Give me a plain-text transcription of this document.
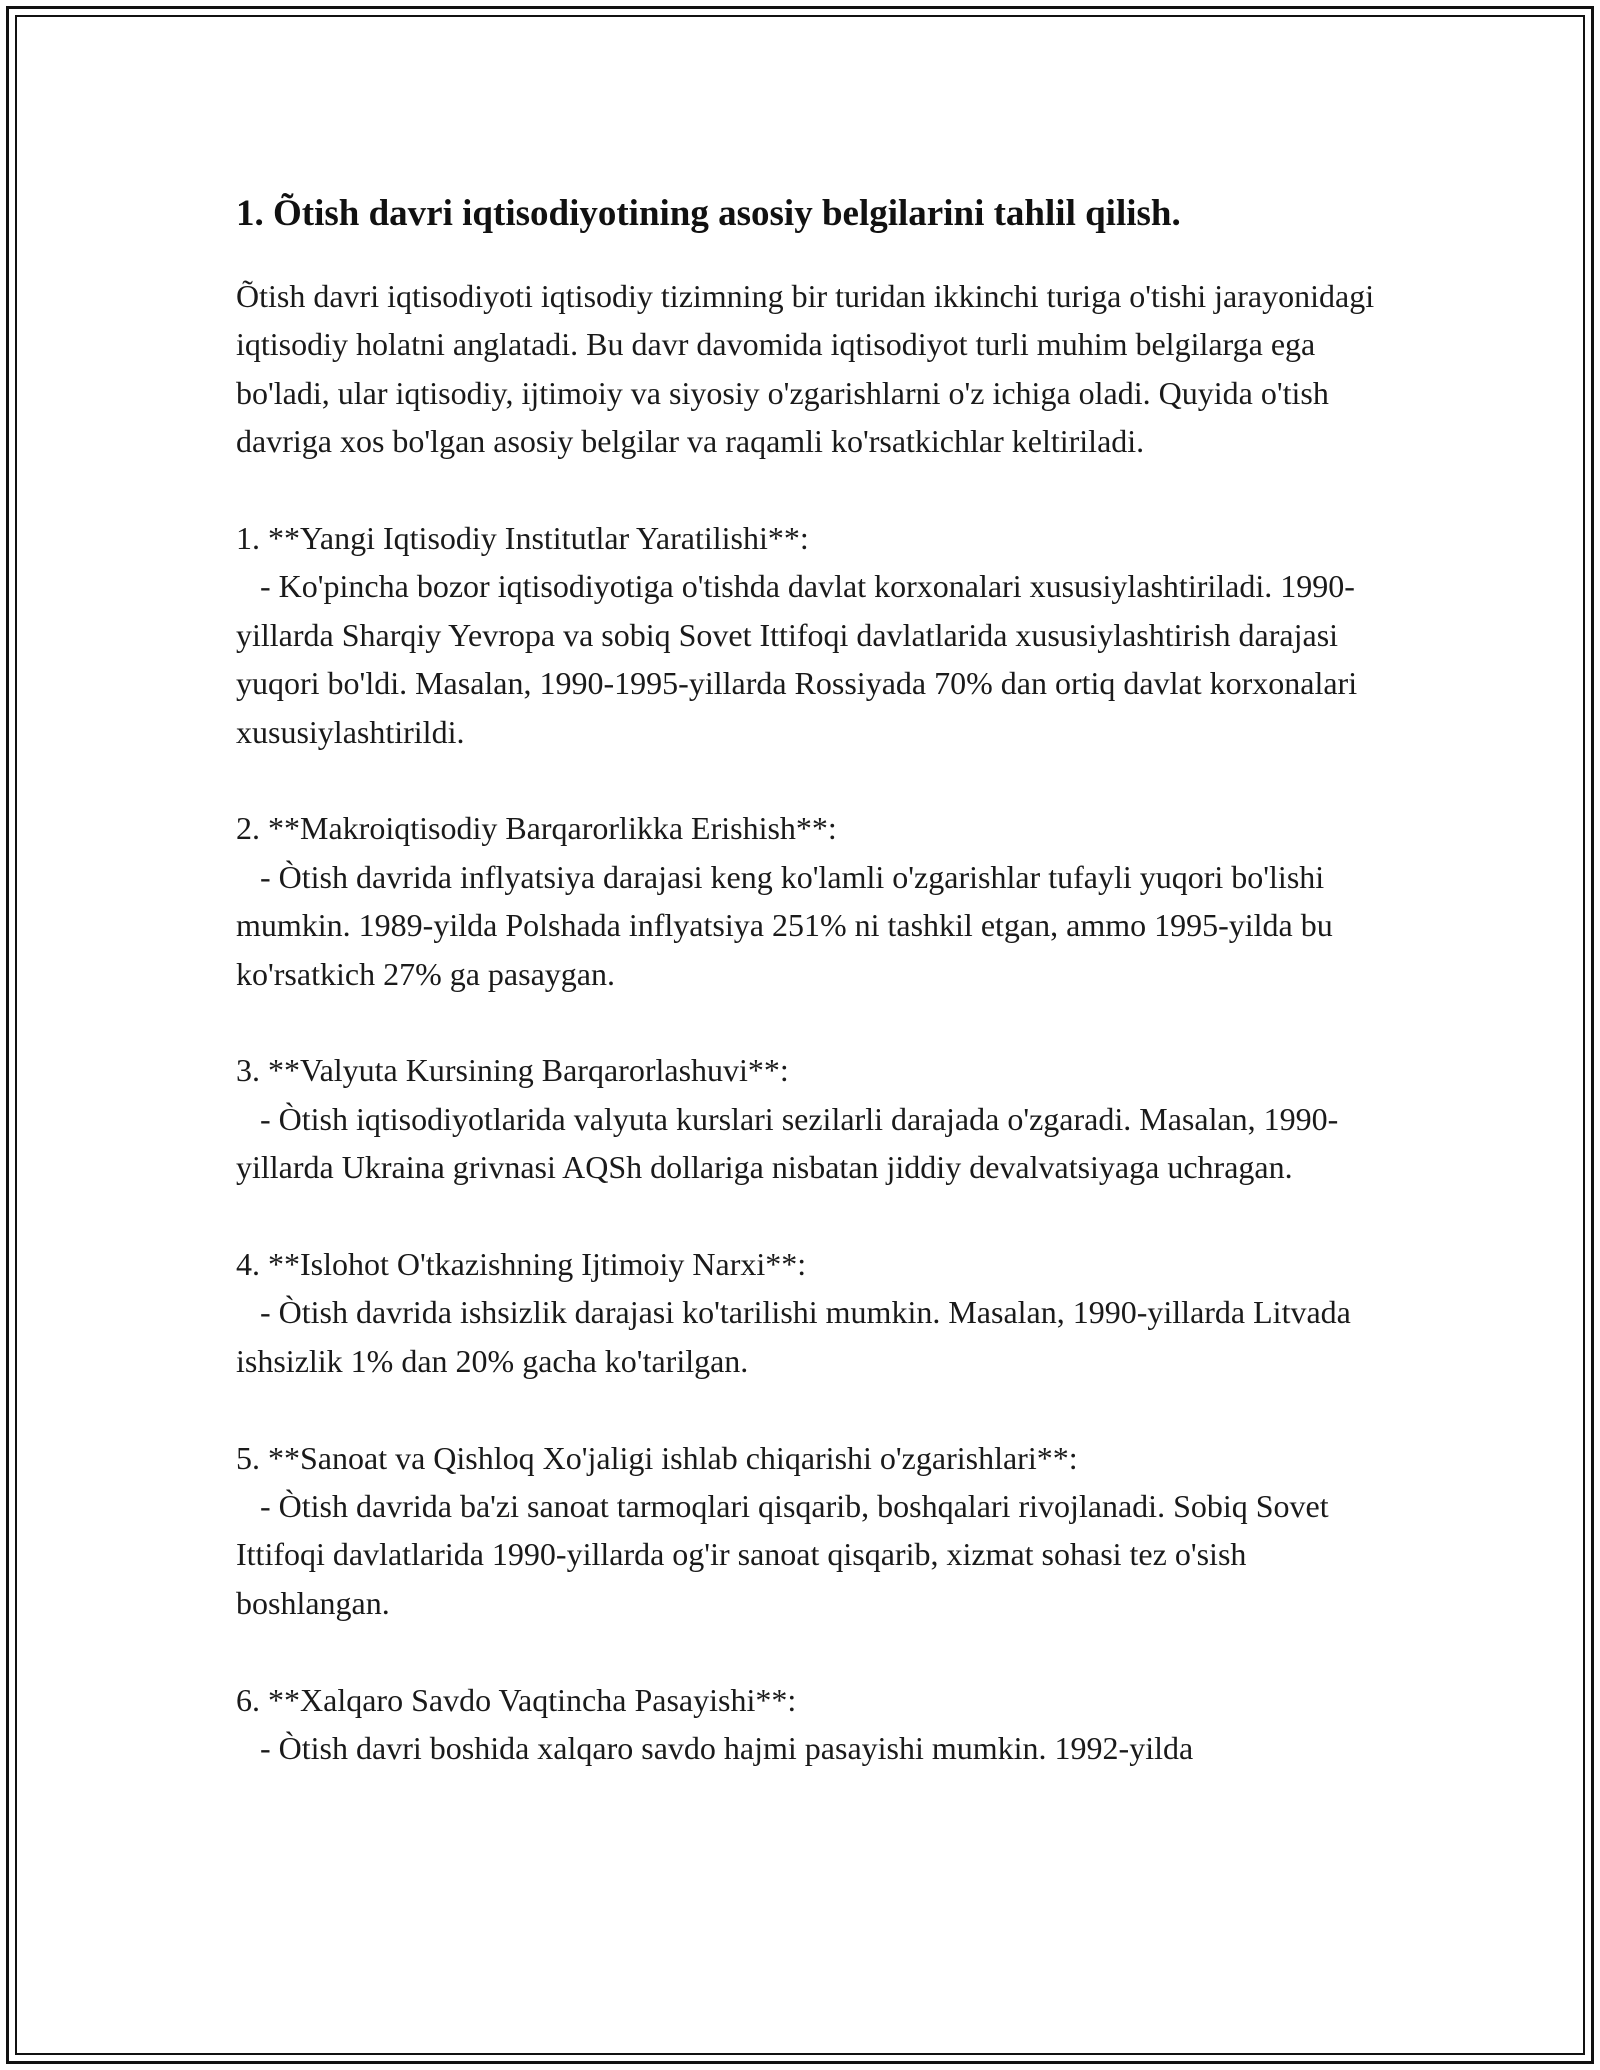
1. Õtish davri iqtisodiyotining asosiy belgilarini tahlil qilish.

Õtish davri iqtisodiyoti iqtisodiy tizimning bir turidan ikkinchi turiga o'tishi jarayonidagi iqtisodiy holatni anglatadi. Bu davr davomida iqtisodiyot turli muhim belgilarga ega bo'ladi, ular iqtisodiy, ijtimoiy va siyosiy o'zgarishlarni o'z ichiga oladi. Quyida o'tish davriga xos bo'lgan asosiy belgilar va raqamli ko'rsatkichlar keltiriladi.

1. **Yangi Iqtisodiy Institutlar Yaratilishi**:

- Ko'pincha bozor iqtisodiyotiga o'tishda davlat korxonalari xususiylashtiriladi. 1990-yillarda Sharqiy Yevropa va sobiq Sovet Ittifoqi davlatlarida xususiylashtirish darajasi yuqori bo'ldi. Masalan, 1990-1995-yillarda Rossiyada 70% dan ortiq davlat korxonalari xususiylashtirildi.

2. **Makroiqtisodiy Barqarorlikka Erishish**:

- Òtish davrida inflyatsiya darajasi keng ko'lamli o'zgarishlar tufayli yuqori bo'lishi mumkin. 1989-yilda Polshada inflyatsiya 251% ni tashkil etgan, ammo 1995-yilda bu ko'rsatkich 27% ga pasaygan.

3. **Valyuta Kursining Barqarorlashuvi**:

- Òtish iqtisodiyotlarida valyuta kurslari sezilarli darajada o'zgaradi. Masalan, 1990-yillarda Ukraina grivnasi AQSh dollariga nisbatan jiddiy devalvatsiyaga uchragan.

4. **Islohot O'tkazishning Ijtimoiy Narxi**:

- Òtish davrida ishsizlik darajasi ko'tarilishi mumkin. Masalan, 1990-yillarda Litvada ishsizlik 1% dan 20% gacha ko'tarilgan.

5. **Sanoat va Qishloq Xo'jaligi ishlab chiqarishi o'zgarishlari**:

- Òtish davrida ba'zi sanoat tarmoqlari qisqarib, boshqalari rivojlanadi. Sobiq Sovet Ittifoqi davlatlarida 1990-yillarda og'ir sanoat qisqarib, xizmat sohasi tez o'sish boshlangan.

6. **Xalqaro Savdo Vaqtincha Pasayishi**:

- Òtish davri boshida xalqaro savdo hajmi pasayishi mumkin. 1992-yilda
